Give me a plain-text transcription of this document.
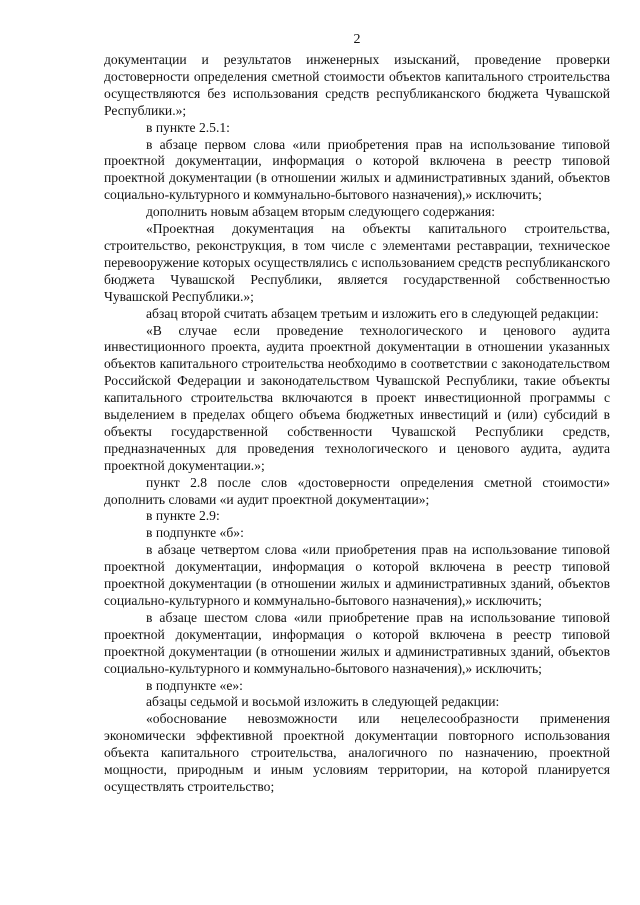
2

документации и результатов инженерных изысканий, проведение проверки достоверности определения сметной стоимости объектов капитального строительства осуществляются без использования средств республиканского бюджета Чувашской Республики.»;

в пункте 2.5.1:

в абзаце первом слова «или приобретения прав на использование типовой проектной документации, информация о которой включена в реестр типовой проектной документации (в отношении жилых и административных зданий, объектов социально-культурного и коммунально-бытового назначения),» исключить;

дополнить новым абзацем вторым следующего содержания:

«Проектная документация на объекты капитального строительства, строительство, реконструкция, в том числе с элементами реставрации, техническое перевооружение которых осуществлялись с использованием средств республиканского бюджета Чувашской Республики, является государственной собственностью Чувашской Республики.»;

абзац второй считать абзацем третьим и изложить его в следующей редакции:

«В случае если проведение технологического и ценового аудита инвестиционного проекта, аудита проектной документации в отношении указанных объектов капитального строительства необходимо в соответствии с законодательством Российской Федерации и законодательством Чувашской Республики, такие объекты капитального строительства включаются в проект инвестиционной программы с выделением в пределах общего объема бюджетных инвестиций и (или) субсидий в объекты государственной собственности Чувашской Республики средств, предназначенных для проведения технологического и ценового аудита, аудита проектной документации.»;

пункт 2.8 после слов «достоверности определения сметной стоимости» дополнить словами «и аудит проектной документации»;

в пункте 2.9:

в подпункте «б»:

в абзаце четвертом слова «или приобретения прав на использование типовой проектной документации, информация о которой включена в реестр типовой проектной документации (в отношении жилых и административных зданий, объектов социально-культурного и коммунально-бытового назначения),» исключить;

в абзаце шестом слова «или приобретение прав на использование типовой проектной документации, информация о которой включена в реестр типовой проектной документации (в отношении жилых и административных зданий, объектов социально-культурного и коммунально-бытового назначения),» исключить;

в подпункте «е»:

абзацы седьмой и восьмой изложить в следующей редакции:

«обоснование невозможности или нецелесообразности применения экономически эффективной проектной документации повторного использования объекта капитального строительства, аналогичного по назначению, проектной мощности, природным и иным условиям территории, на которой планируется осуществлять строительство;
